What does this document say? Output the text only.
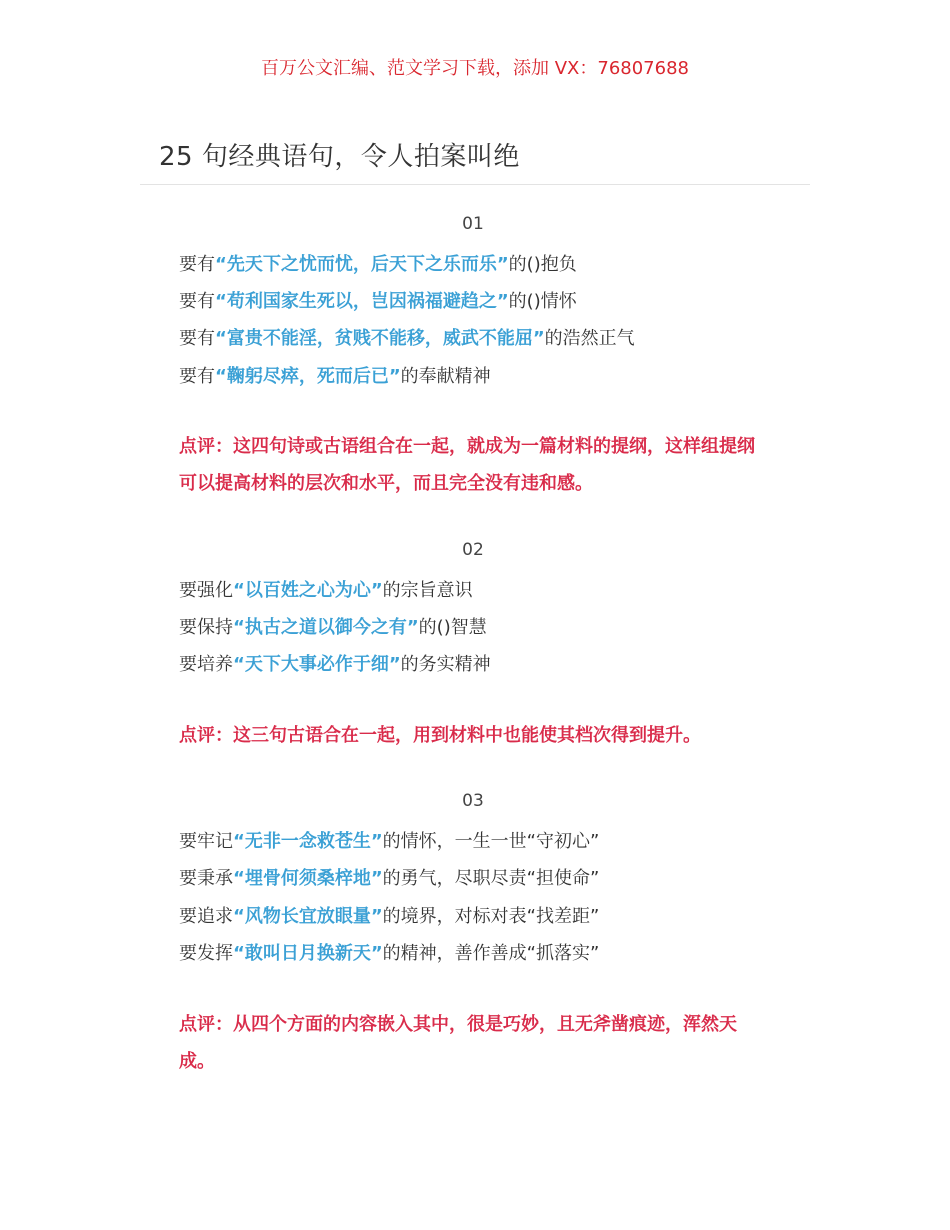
百万公文汇编、范文学习下载，添加 VX：76807688
25 句经典语句，令人拍案叫绝
01
要有“先天下之忧而忧，后天下之乐而乐”的()抱负
要有“苟利国家生死以，岂因祸福避趋之”的()情怀
要有“富贵不能淫，贫贱不能移，威武不能屈”的浩然正气
要有“鞠躬尽瘁，死而后已”的奉献精神
点评：这四句诗或古语组合在一起，就成为一篇材料的提纲，这样组提纲可以提高材料的层次和水平，而且完全没有违和感。
02
要强化“以百姓之心为心”的宗旨意识
要保持“执古之道以御今之有”的()智慧
要培养“天下大事必作于细”的务实精神
点评：这三句古语合在一起，用到材料中也能使其档次得到提升。
03
要牢记“无非一念救苍生”的情怀，一生一世“守初心”
要秉承“埋骨何须桑梓地”的勇气，尽职尽责“担使命”
要追求“风物长宜放眼量”的境界，对标对表“找差距”
要发挥“敢叫日月换新天”的精神，善作善成“抓落实”
点评：从四个方面的内容嵌入其中，很是巧妙，且无斧凿痕迹，浑然天成。
